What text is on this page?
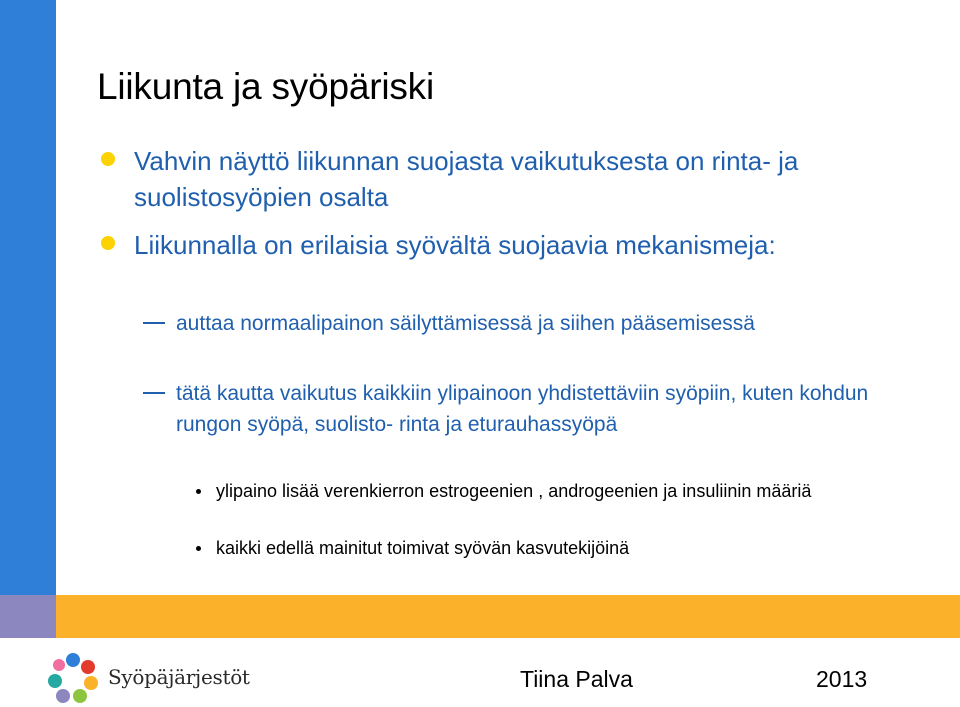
Liikunta ja syöpäriski
Vahvin näyttö liikunnan suojasta vaikutuksesta on rinta- ja suolistosyöpien osalta
Liikunnalla on erilaisia syövältä suojaavia mekanismeja:
auttaa normaalipainon säilyttämisessä ja siihen pääsemisessä
tätä kautta vaikutus kaikkiin ylipainoon yhdistettäviin syöpiin, kuten kohdun rungon syöpä, suolisto- rinta ja eturauhassyöpä
ylipaino lisää verenkierron estrogeenien , androgeenien ja insuliinin määriä
kaikki edellä mainitut toimivat syövän kasvutekijöinä
Syöpäjärjestöt	Tiina Palva	2013
